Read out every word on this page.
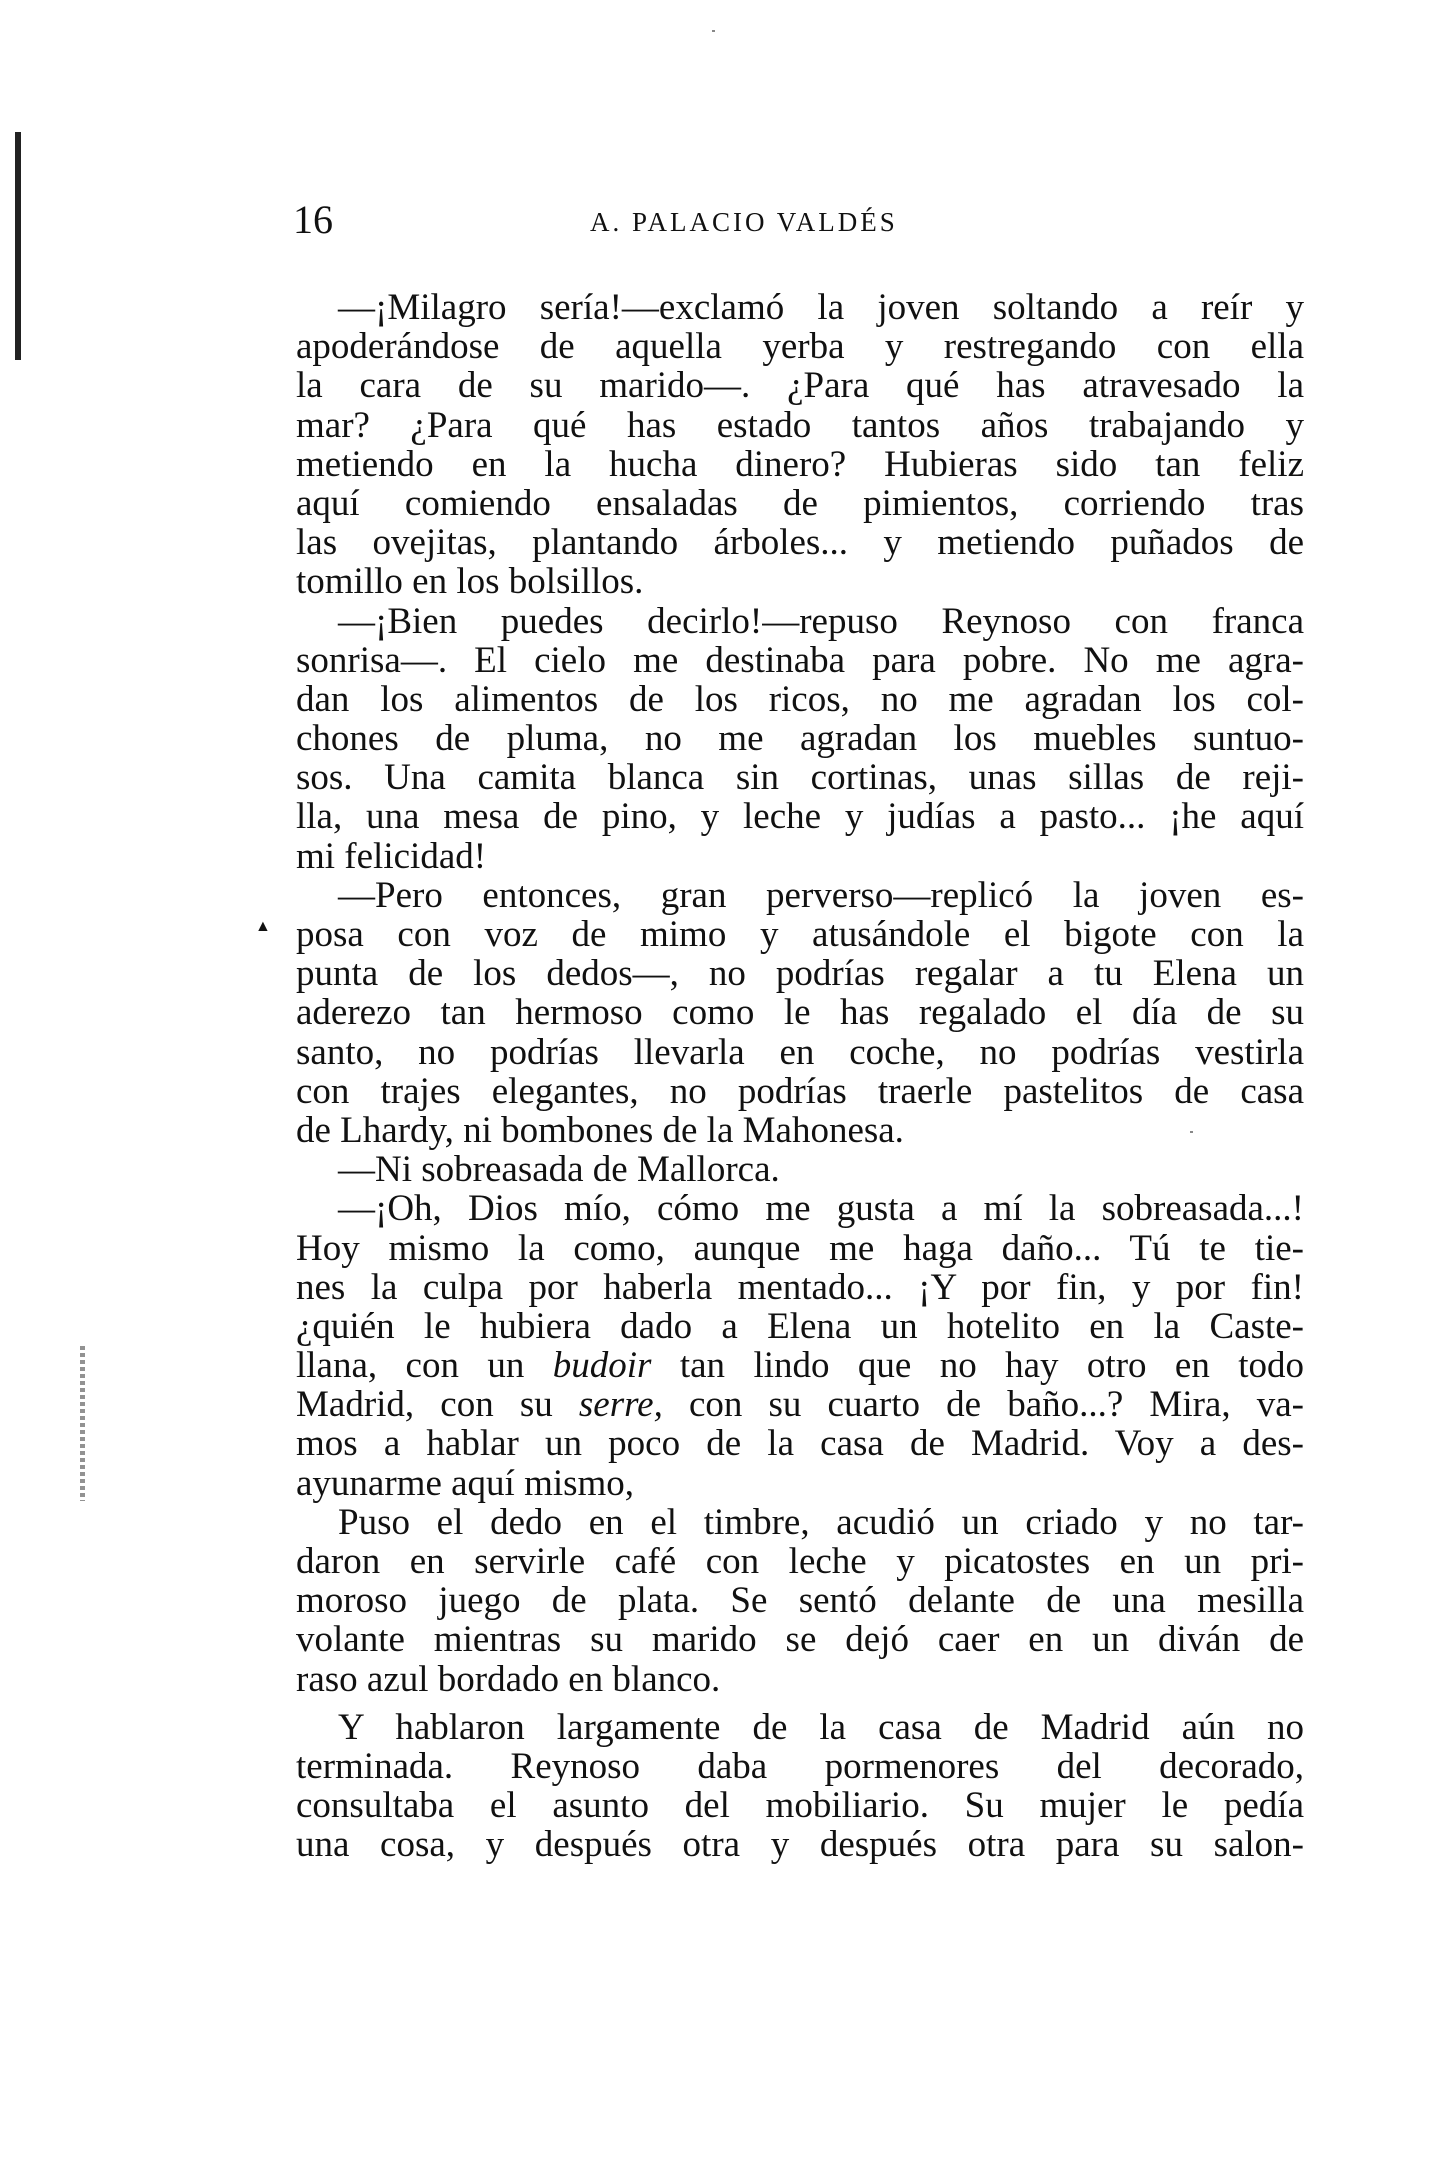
▲
16	A. PALACIO VALDÉS
—¡Milagro sería!—exclamó la joven soltando a reír y
apoderándose de aquella yerba y restregando con ella
la cara de su marido—. ¿Para qué has atravesado la
mar? ¿Para qué has estado tantos años trabajando y
metiendo en la hucha dinero? Hubieras sido tan feliz
aquí comiendo ensaladas de pimientos, corriendo tras
las ovejitas, plantando árboles... y metiendo puñados de
tomillo en los bolsillos.
—¡Bien puedes decirlo!—repuso Reynoso con franca
sonrisa—. El cielo me destinaba para pobre. No me agra-
dan los alimentos de los ricos, no me agradan los col-
chones de pluma, no me agradan los muebles suntuo-
sos. Una camita blanca sin cortinas, unas sillas de reji-
lla, una mesa de pino, y leche y judías a pasto... ¡he aquí
mi felicidad!
—Pero entonces, gran perverso—replicó la joven es-
posa con voz de mimo y atusándole el bigote con la
punta de los dedos—, no podrías regalar a tu Elena un
aderezo tan hermoso como le has regalado el día de su
santo, no podrías llevarla en coche, no podrías vestirla
con trajes elegantes, no podrías traerle pastelitos de casa
de Lhardy, ni bombones de la Mahonesa.
—Ni sobreasada de Mallorca.
—¡Oh, Dios mío, cómo me gusta a mí la sobreasada...!
Hoy mismo la como, aunque me haga daño... Tú te tie-
nes la culpa por haberla mentado... ¡Y por fin, y por fin!
¿quién le hubiera dado a Elena un hotelito en la Caste-
llana, con un budoir tan lindo que no hay otro en todo
Madrid, con su serre, con su cuarto de baño...? Mira, va-
mos a hablar un poco de la casa de Madrid. Voy a des-
ayunarme aquí mismo,
Puso el dedo en el timbre, acudió un criado y no tar-
daron en servirle café con leche y picatostes en un pri-
moroso juego de plata. Se sentó delante de una mesilla
volante mientras su marido se dejó caer en un diván de
raso azul bordado en blanco.
Y hablaron largamente de la casa de Madrid aún no
terminada. Reynoso daba pormenores del decorado,
consultaba el asunto del mobiliario. Su mujer le pedía
una cosa, y después otra y después otra para su salon-
